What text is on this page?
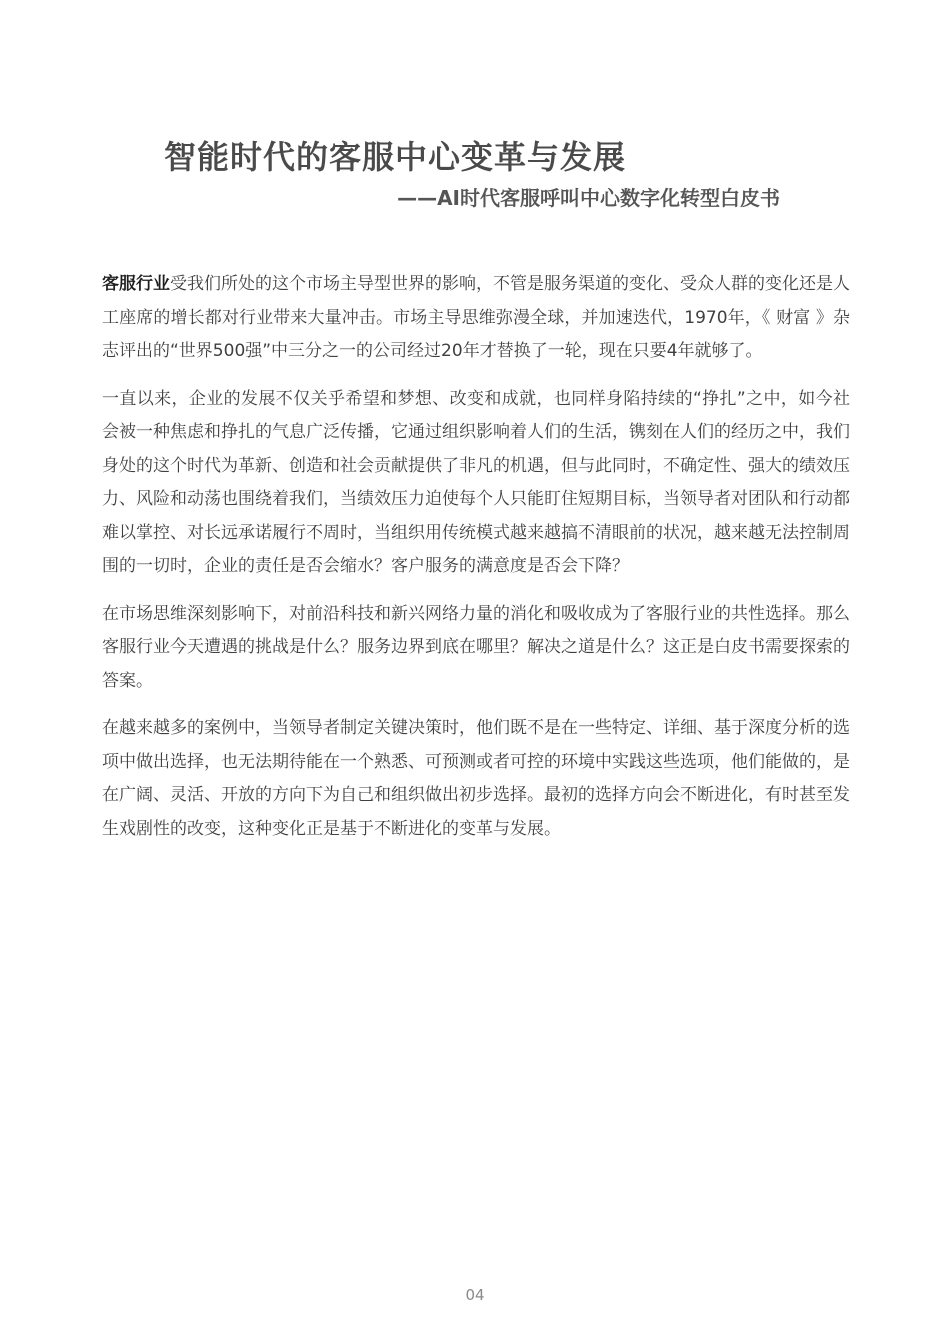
智能时代的客服中心变革与发展
——AI时代客服呼叫中心数字化转型白皮书

客服行业受我们所处的这个市场主导型世界的影响，不管是服务渠道的变化、受众人群的变化还是人工座席的增长都对行业带来大量冲击。市场主导思维弥漫全球，并加速迭代，1970年，《 财富 》杂志评出的“世界500强”中三分之一的公司经过20年才替换了一轮，现在只要4年就够了。

一直以来，企业的发展不仅关乎希望和梦想、改变和成就，也同样身陷持续的“挣扎”之中，如今社会被一种焦虑和挣扎的气息广泛传播，它通过组织影响着人们的生活，镌刻在人们的经历之中，我们身处的这个时代为革新、创造和社会贡献提供了非凡的机遇，但与此同时，不确定性、强大的绩效压力、风险和动荡也围绕着我们，当绩效压力迫使每个人只能盯住短期目标，当领导者对团队和行动都难以掌控、对长远承诺履行不周时，当组织用传统模式越来越搞不清眼前的状况，越来越无法控制周围的一切时，企业的责任是否会缩水？客户服务的满意度是否会下降？

在市场思维深刻影响下，对前沿科技和新兴网络力量的消化和吸收成为了客服行业的共性选择。那么客服行业今天遭遇的挑战是什么？服务边界到底在哪里？解决之道是什么？这正是白皮书需要探索的答案。

在越来越多的案例中，当领导者制定关键决策时，他们既不是在一些特定、详细、基于深度分析的选项中做出选择，也无法期待能在一个熟悉、可预测或者可控的环境中实践这些选项，他们能做的，是在广阔、灵活、开放的方向下为自己和组织做出初步选择。最初的选择方向会不断进化，有时甚至发生戏剧性的改变，这种变化正是基于不断进化的变革与发展。

04
